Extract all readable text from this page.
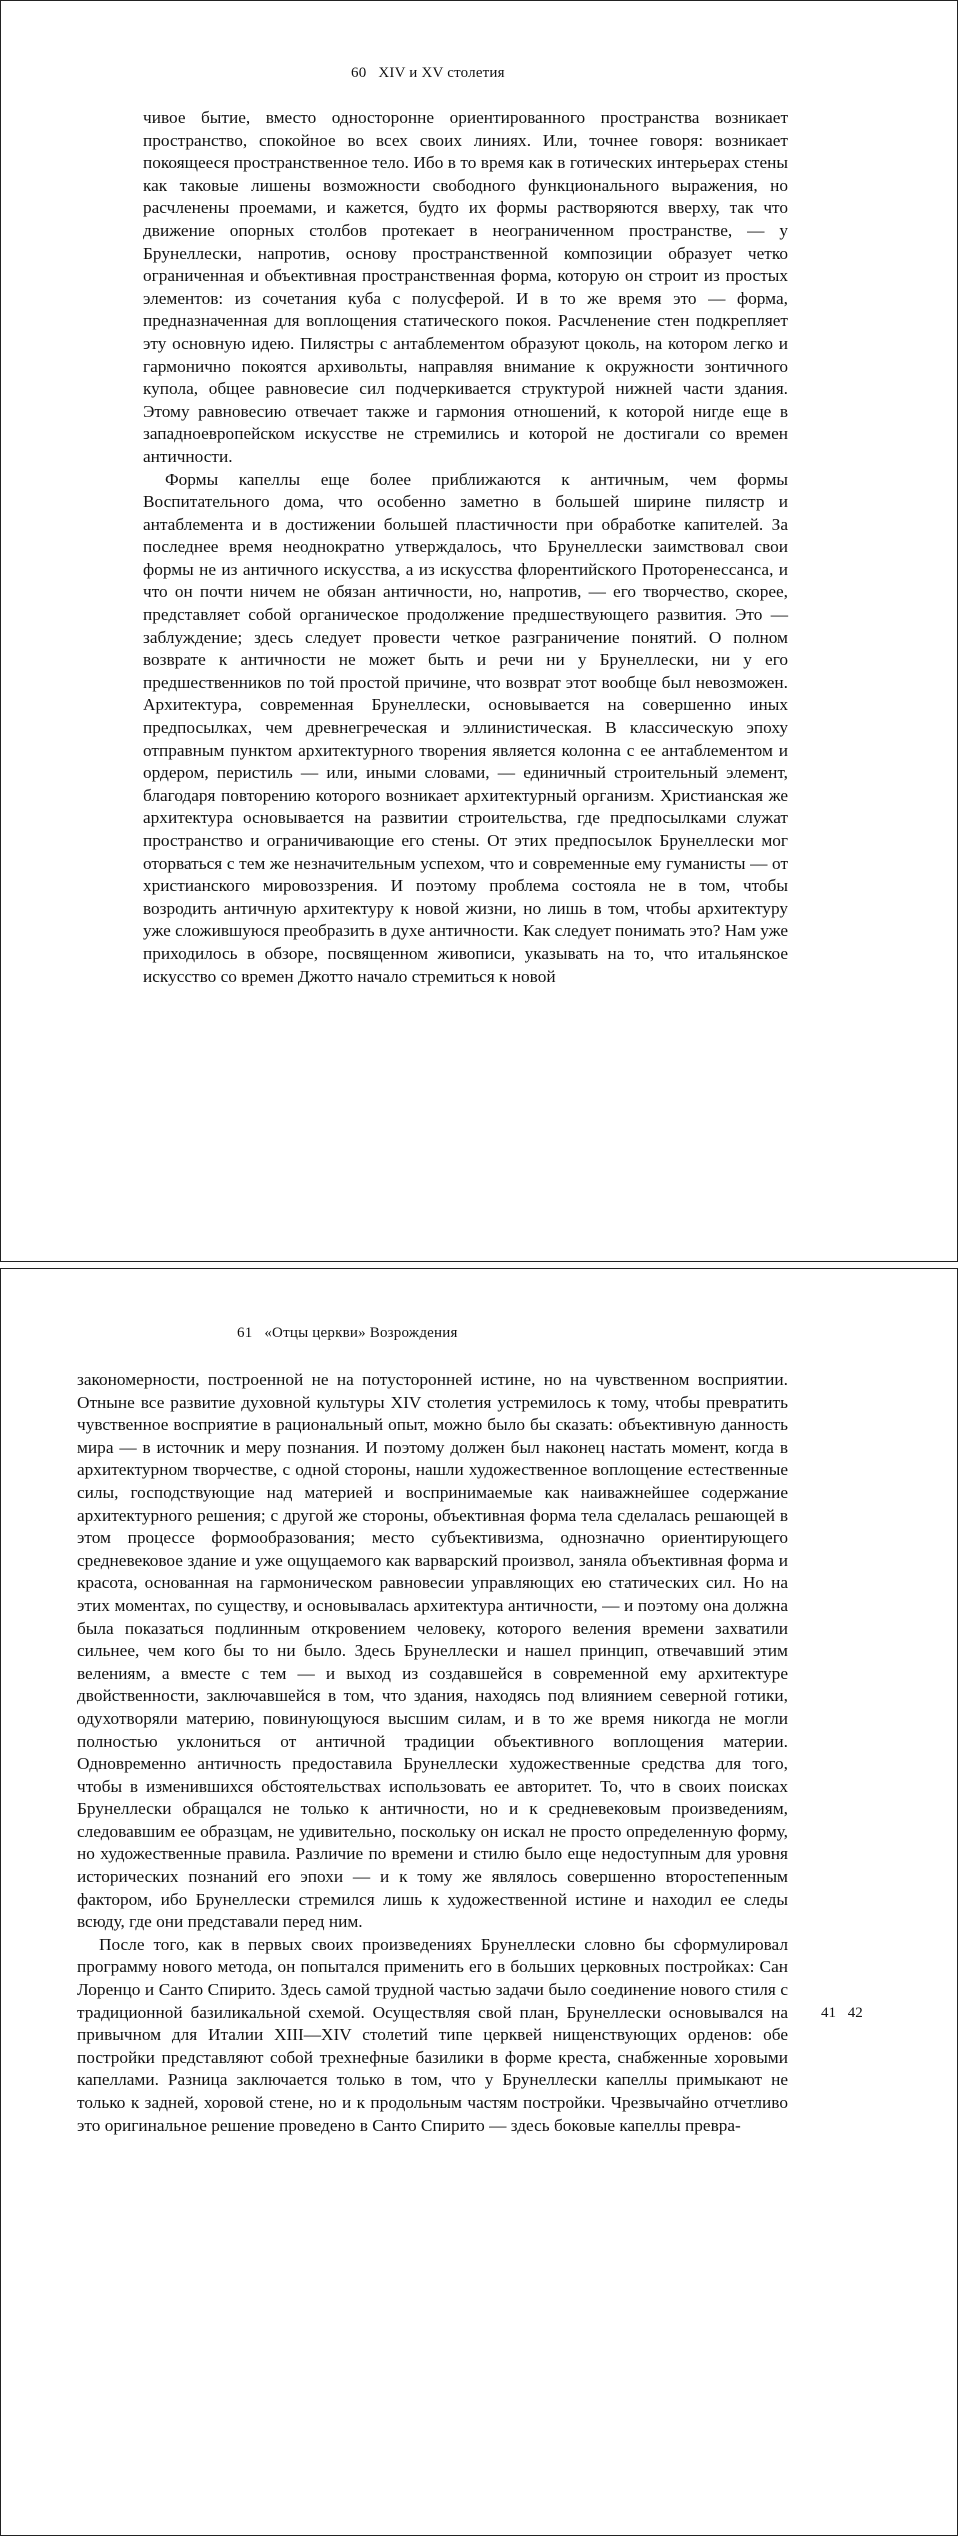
60 XIV и XV столетия

чивое бытие, вместо односторонне ориентированного пространства возникает пространство, спокойное во всех своих линиях. Или, точнее говоря: возникает покоящееся пространственное тело. Ибо в то время как в готических интерьерах стены как таковые лишены возможности свободного функционального выражения, но расчленены проемами, и кажется, будто их формы растворяются вверху, так что движение опорных столбов протекает в неограниченном пространстве, — у Брунеллески, напротив, основу пространственной композиции образует четко ограниченная и объективная пространственная форма, которую он строит из простых элементов: из сочетания куба с полусферой. И в то же время это — форма, предназначенная для воплощения статического покоя. Расчленение стен подкрепляет эту основную идею. Пилястры с антаблементом образуют цоколь, на котором легко и гармонично покоятся архивольты, направляя внимание к окружности зонтичного купола, общее равновесие сил подчеркивается структурой нижней части здания. Этому равновесию отвечает также и гармония отношений, к которой нигде еще в западноевропейском искусстве не стремились и которой не достигали со времен античности.

Формы капеллы еще более приближаются к античным, чем формы Воспитательного дома, что особенно заметно в большей ширине пилястр и антаблемента и в достижении большей пластичности при обработке капителей. За последнее время неоднократно утверждалось, что Брунеллески заимствовал свои формы не из античного искусства, а из искусства флорентийского Проторенессанса, и что он почти ничем не обязан античности, но, напротив, — его творчество, скорее, представляет собой органическое продолжение предшествующего развития. Это — заблуждение; здесь следует провести четкое разграничение понятий. О полном возврате к античности не может быть и речи ни у Брунеллески, ни у его предшественников по той простой причине, что возврат этот вообще был невозможен. Архитектура, современная Брунеллески, основывается на совершенно иных предпосылках, чем древнегреческая и эллинистическая. В классическую эпоху отправным пунктом архитектурного творения является колонна с ее антаблементом и ордером, перистиль — или, иными словами, — единичный строительный элемент, благодаря повторению которого возникает архитектурный организм. Христианская же архитектура основывается на развитии строительства, где предпосылками служат пространство и ограничивающие его стены. От этих предпосылок Брунеллески мог оторваться с тем же незначительным успехом, что и современные ему гуманисты — от христианского мировоззрения. И поэтому проблема состояла не в том, чтобы возродить античную архитектуру к новой жизни, но лишь в том, чтобы архитектуру уже сложившуюся преобразить в духе античности. Как следует понимать это? Нам уже приходилось в обзоре, посвященном живописи, указывать на то, что итальянское искусство со времен Джотто начало стремиться к новой

61 «Отцы церкви» Возрождения

закономерности, построенной не на потусторонней истине, но на чувственном восприятии. Отныне все развитие духовной культуры XIV столетия устремилось к тому, чтобы превратить чувственное восприятие в рациональный опыт, можно было бы сказать: объективную данность мира — в источник и меру познания. И поэтому должен был наконец настать момент, когда в архитектурном творчестве, с одной стороны, нашли художественное воплощение естественные силы, господствующие над материей и воспринимаемые как наиважнейшее содержание архитектурного решения; с другой же стороны, объективная форма тела сделалась решающей в этом процессе формообразования; место субъективизма, однозначно ориентирующего средневековое здание и уже ощущаемого как варварский произвол, заняла объективная форма и красота, основанная на гармоническом равновесии управляющих ею статических сил. Но на этих моментах, по существу, и основывалась архитектура античности, — и поэтому она должна была показаться подлинным откровением человеку, которого веления времени захватили сильнее, чем кого бы то ни было. Здесь Брунеллески и нашел принцип, отвечавший этим велениям, а вместе с тем — и выход из создавшейся в современной ему архитектуре двойственности, заключавшейся в том, что здания, находясь под влиянием северной готики, одухотворяли материю, повинующуюся высшим силам, и в то же время никогда не могли полностью уклониться от античной традиции объективного воплощения материи. Одновременно античность предоставила Брунеллески художественные средства для того, чтобы в изменившихся обстоятельствах использовать ее авторитет. То, что в своих поисках Брунеллески обращался не только к античности, но и к средневековым произведениям, следовавшим ее образцам, не удивительно, поскольку он искал не просто определенную форму, но художественные правила. Различие по времени и стилю было еще недоступным для уровня исторических познаний его эпохи — и к тому же являлось совершенно второстепенным фактором, ибо Брунеллески стремился лишь к художественной истине и находил ее следы всюду, где они представали перед ним.

После того, как в первых своих произведениях Брунеллески словно бы сформулировал программу нового метода, он попытался применить его в больших церковных постройках: Сан Лоренцо и Санто Спирито. Здесь самой трудной частью задачи было соединение нового стиля с традиционной базиликальной схемой. Осуществляя свой план, Брунеллески основывался на привычном для Италии XIII—XIV столетий типе церквей нищенствующих орденов: обе постройки представляют собой трехнефные базилики в форме креста, снабженные хоровыми капеллами. Разница заключается только в том, что у Брунеллески капеллы примыкают не только к задней, хоровой стене, но и к продольным частям постройки. Чрезвычайно отчетливо это оригинальное решение проведено в Санто Спирито — здесь боковые капеллы превра-

41 42
